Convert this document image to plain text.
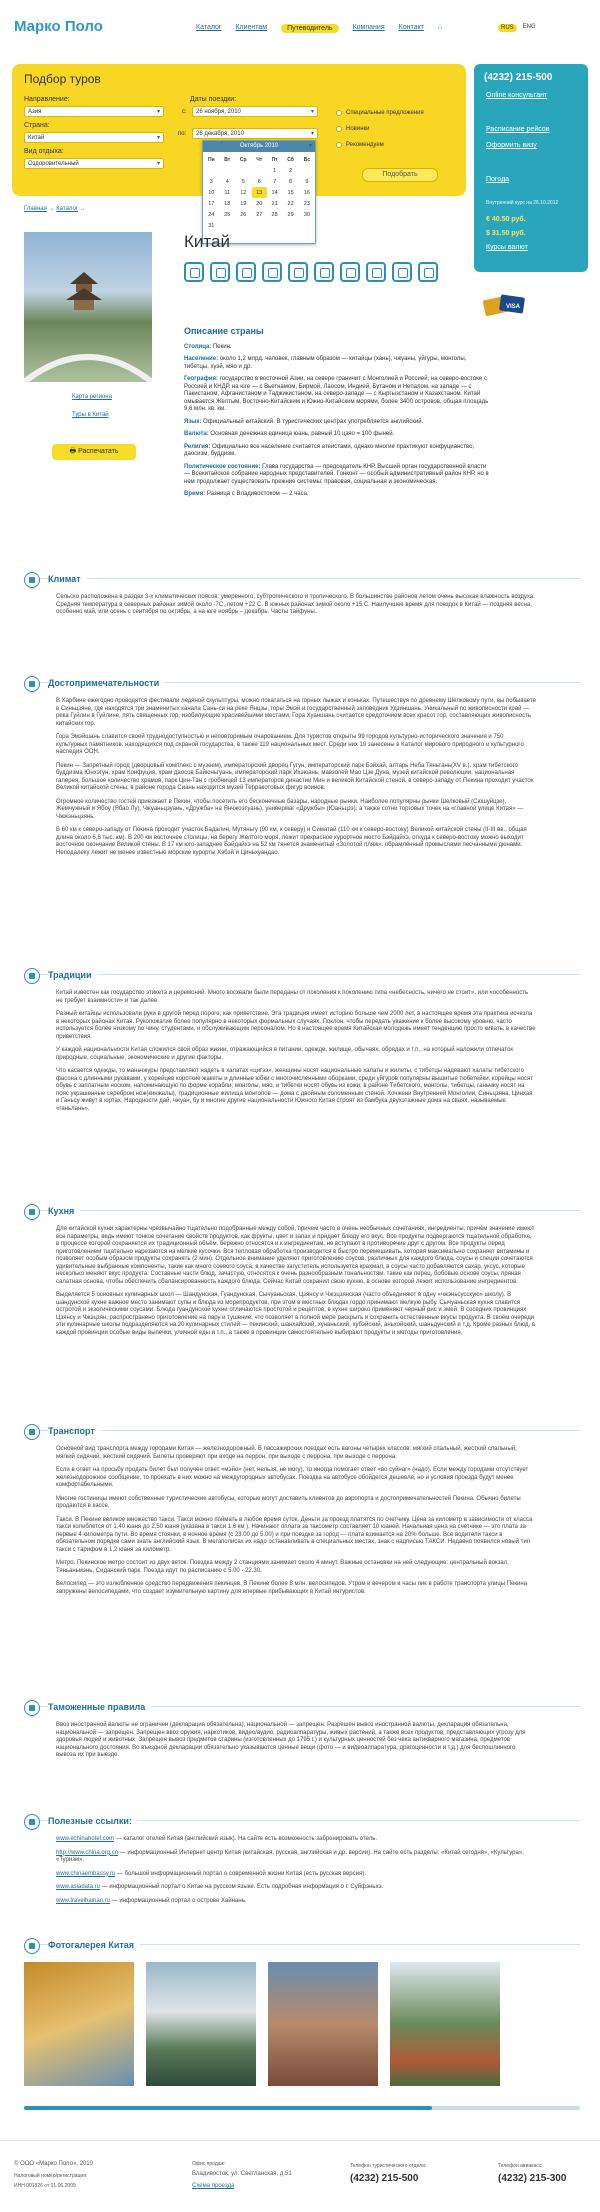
Марко Поло	Каталог Клиентам	Путеводитель	Компания Контакт ⌂	RUS	ENG
Подбор туров
Направление:
Азия ▾
Страна:
Китай ▾
Вид отдыха:
Оздоровительный ▾
Даты поездки:
с:	26 ноября, 2010 ▾
по:	26 декабря, 2010 ▾
Специальные предложения
Новинки
Рекомендуем
Подобрать
Октябрь 2010
Пн	Вт	Ср	Чт	Пт	Сб	Вс
				1	2	
3	4	5	6	7	8	9
10	11	12	13 ▾	14	15	16
17	18	19	20	21	22	23
24	25	26	27	28	29	30
31						
(4232) 215-500
Online консультант
Расписание рейсов
Оформить визу
Погода
Внутренний курс на 26.10.2012
€ 40.50 руб.
$ 31.50 руб.
Курсы валют
VISA
Главная → Каталог →
Карта региона
Туры в Китай
🖶 Распечатать
Китай

Описание страны

Столица: Пекин.

Население: около 1,2 млрд. человек, главным образом — китайцы (хань), чжуаны, уйгуры, монголы, тибетцы, хуэй, мяо и др.

География: государство в восточной Азии, на севере граничит с Монголией и Россией, на северо-востоке с Россией и КНДР, на юге — с Вьетнамом, Бирмой, Лаосом, Индией, Бутаном и Непалом, на западе — с Пакистаном, Афганистаном и Таджикистаном, на северо-западе — с Кыргызстаном и Казахстаном. Китай омывается Желтым, Восточно-Китайским и Южно-Китайским морями, более 3400 островов, общая площадь 9,6 млн. кв. км.

Язык: Официальный китайский. В туристических центрах употребляется английский.

Валюта: Основная денежная единица юань, равный 10 цзяо = 100 фыней.

Религия: Официально все население считается атеистами, однако многие практикуют конфуцианство, даосизм, буддизм.

Политическое состояние: Глава государства — председатель КНР. Высший орган государственной власти — Всекитайское собрание народных представителей. Гонконг — особый административный район КНР, но в нем продолжает существовать прежние системы: правовая, социальная и экономическая.

Время: Разница с Владивостоком — 2 часа.

Климат

Сельско расположена в раздах 3-х климатических поясов: умеренного, субтропического и тропического. В большинстве районов летом очень высокая влажность воздуха. Средняя температура в северных районах зимой около -7С, летом +22 С. В южных районах зимой около +15 С. Наилучшее время для поездок в Китай — поздняя весна, особенно май, или осень с сентября по октябрь, а на юге ноябрь – декабрь. Часты тайфуны.

Достопримечательности

В Харбине ежегодно проводятся фестивали ледяной скульптуры, можно покататься на горных лыжах и коньках. Путешествуя по древнему Шелковому пути, вы побываете в Синьцзяне, где находятся три знаменитых канала Сань-си на реке Янцзы, горы Эмэй и государственный заповедник Удзиншань. Уникальный по живописности край — река Гуйлин в Гуйлине, пять священных гор, изобилующие красивейшими местами. Гора Хуаншань считается средоточием всех красот гор, составляющих живописность китайских гор.

Гора Эмэйшань славится своей труднодоступностью и неповторимым очарованием. Для туристов открыты 99 городов культурно-исторического значения и 750 культурных памятников, находящихся под охраной государства, в также 119 национальных мест. Среди них 19 занесены в Каталог мирового природного и культурного наследия ООН.

Пекин — Запретный город (дворцовый комплекс с музеем), императорский дворец Гугун, императорский парк Бэйхай, алтарь Неба Тяньтань(XV в.), храм тибетского буддизма Юнхэгун, храм Конфуция, храм даосов Байюньгуань, императорский парк Ихэюань, мавзолей Мао Цзе Дуна, музей китайской революции, национальная галерея, большое количество храмов, парк Цин-Тан с гробницей 13 императоров династии Мин и великой Китайской стеной, в северо-западу от Пекина проходит участок Великой китайской стены, в районе города Сиань находится музей Терракотовых фигур воинов.

Огромное количество гостей приезжает в Пекин, чтобы посетить его бесконечные базары, народные рынки. Наиболее популярны рынки Шелковый (Сюшуйцзе), Жемчужный и Ябоу (Ябао Лу), Чжуаньцзуань, «Дружба» на Янчжоэтуань), универмаг «Дружбы» (Юаньцзэ), а также сотни торговых точек на «главной улице Китая» — Чжжэньцзянь.

В 60 км к северо-западу от Пекина проходит участок Бадалин, Мутяньгу (90 км, к северу) и Симатай (110 км к северо-востоку) Великой китайской стены (II-III вв., общая длина около 6,8 тыс. км). В 200 км восточнее столицы, на берегу Желтого моря, лежит прекрасное курортное место Бэйдайхэ, откуда к северо-востоку можно выходит восточное окончание Великой стены. В 17 км юго-западнее Бэйдайхэ на 52 км тянется знаменитый «Золотой пляж», обрамлённый промыслами песчанными дюнами. Неподалеку лежит не менее известные морские курорты Хэбэй и Циньхуандао.

Традиции

Китай известен как государство этикета и церемоний. Много восхвали были переданы от поколения к поколению типа «небесность, ничего не стоит», или «особенность не требует взаимности» и так далее.

Разный китайцы использовали руки в другой перед пороге, как приветствие. Эта традиция имеет историю больше чем 2000 лет, в настоящее время эта практика исчезла в некоторых районах Китая. Рукопожатие более популярно в некоторых формальных случаях. Поклон, чтобы передать уважение к более высокому уровню, часто используется более низкому по чину, студентами, и обслуживающим персоналом. Но в настоящее время Китайская молодежь имеет тенденцию просто кивать, в качестве приветствия.

У каждой национальности Китая сложился свой образ жизни, отражающийся в питании, одежде, жилище, обычаях, обрядах и т.п., на который наложили отпечаток природные, социальные, экономические и другие факторы.

Что касается одежды, то маньчжуры представляют надеть в халатах «цигээ», женщины носят национальные халаты и жилеты, с тибетцы надевают халаты тибетского фасона с длинными рукавами, у корейцев короткие жакеты и длинные юбки с многочисленными оборками, среди уйгуров популярны вышитые тюбетейки, корейцы носят обувь с заплатным носком, напоминающую по форме корабли; монголы, мяо, и тибетки носят обувь из кожи; в районе Тибетского, монголы, тибетцы, ганьчжу носят на пояс украшенные серебром нож(кинжалы), традиционные жилища монголов — дома с двойным соломенным стеной. Хочжени Внутренней Монголии, Синьцзяна, Цинхая и Ганьсу живут в юртах. Народности дай, чжуан, бу и многие другие национальности Южного Китая строят из бамбука двухэтажные дома на сваях, называемые «ганьлань».

Кухня

Для китайской кухни характерны чрезвычайно тщательно подобранные между собой, причем часто в очень необычных сочетаниях, ингредиенты, причём значение имеют все параметры, ведь имеют тонкое сочетание свойств продуктов, как фрукты, цвет и запах и придает блюду его вкус. Все продукты подвергаются тщательной обработке, в процессе которой сохраняется их традиционный объём, бережно относятся и к ингредиентам, не вступают в противоречие друг с другом. Все продукты перед приготовлением тщательно нарезаются на мелкие кусочки. Вся тепловая обработка производится в быстро перемешивать, которая максимально сохраняет витамины и позволяет особым образом продукты сохранять (2 мин). Отдельное внимание уделяют приготовлению соусов, различных для каждого блюда, соусы и специи сочетаются удивительные выбранные компоненты, такие как много соевого соуса, в качестве загуститель используется крахмал, в соусы часто добавляются сахар, уксус, которые несколько меняют вкус продукта. Составные части блюд, зачастую, относятся к очень разнообразным тональностям, такие как перец, бобовые основе соусы, пряная салатная основа, чтобы обеспечить сбалансированность каждого блюда. Сейчас Китай сохранил свою кухню, в основе которой лежит использование ингредиентов.

Выделяется 5 основных кулинарных школ — Шандунская, Гуандунская, Сычуаньская, Цзянсу и Чжэцзянская (часто объединяют в одну «чжэньсусскую» школу). В шандунской кухне важное место занимают супы и блюда из морепродуктов, при этом в местных блюдах гордо принимают мелкую рыбу. Сычуаньская кухня славится остротой и экзотическими соусами. Блюда гуандунской кухни отличаются простотой и рецептов, в кухне широко применяют черный рис и змей. В соседних провинциях Цзянсу и Чжэцзян, распространено приготовление на пару и тушение, что позволяет в полной мере раскрыть и сохранить естественные вкусы продукта. В своём очереди эти кулинарные школы подразделяются на 20 кулинарных стилей — пекинский, шанхайский, хунаньский, хубэйский, аньхойский, шаньдунский и т.д. Кроме разных блюд, в каждой провинции особые виды выпечки, уличной еды и т.п., а также в провинции самостоятельно выбирают продукты и методы приготовления.

Транспорт

Основной вид транспорта между городами Китая — железнодорожный. В пассажирских поездах есть вагоны четырех классов: мягкий спальный, жесткий спальный, мягкий сидячий, жесткий сидячий. Билеты проверяют при входе на перрон, при выходе с перрона, при выходе с перрона.

Если в ответ на просьбу продать билет был получен ответ «мэйо» (нет, нельзя, не могу), то иногда помогает ответ «во суйнаг» (надо). Если между городами отсутствует железнодорожное сообщение, то проехать в них можно на междугородных автобусах. Поездка на автобусе обойдется дешевле, но и условия проезда будут менее комфортабельными.

Многие гостиницы имеют собственные туристические автобусы, которые могут доставить клиентов до аэропорта и достопримечательностей Пекина. Обычно билеты продаются в кассе.

Такси. В Пекине великое множество такси. Такси можно поймать в любое время суток. Деньги за проезд платятся по счетчику. Цена за километр в зависимости от класса такси колеблется от 1,40 юаня до 2,50 юаня (указана в такси 1,6 км ). Начинают оплата за таксометр составляет 10 юаней. Начальная цена на счетчике — это плата за первые 4 километра пути. Во время стоянки, в ночное время (с 23.00 до 5.00) и при поездке за город — плата взимается на 20% больше. Все водители такси в обязательном порядке сами знать английский язык. В мегаполисах их надо останавливать в специальных местах, знак с надписью ТАКСИ. Недавно появился новый тип такси с тарифом в 1,2 юаня за километр.

Метро. Пекинское метро состоит из двух веток. Поездка между 2 станциями занимает около 4 минут. Важные остановки на ней следующие: центральный вокзал, Тяньаньмэнь, Сиданский парк. Поезда идут по расписанию с 5.00 - 22.30.

Велосипед — это излюбленное средство передвижения пекинцев. В Пекине более 8 млн. велосипедов. Утром и вечером в часы пик в работе транспорта улицы Пекина запружены велосипедами, что создает изумительную картину для впервые прибывающих в Китай интуристов.

Таможенные правила

Ввоз иностранной валюты не ограничен (декларация обязательна), национальной — запрещен. Разрешен вывоз иностранной валюты, декларация обязательна, национальной — запрещен. Запрещен ввоз оружия, наркотиков, видео/аудио, радиоаппаратуры, живых растений, а также всех продуктов, представляющих угрозу для здоровья людей и животных. Запрещен вывоз предметов старины (изготовленных до 1795 г.) и культурных ценностей без чека антикварного магазина, предметов национального достояния. Во въездной декларации обязательно указываются ценные вещи (фото — и видеоаппаратура, драгоценности и т.д.) для беспошлинного вывоза их при выезде.

Полезные ссылки:

www.echinahotel.com — каталог отелей Китая (английский язык). На сайте есть возможность забронировать отель.

http://www.china.org.cn — информационный Интернет центр Китая (китайская, русская, английская и др. версии). На сайте есть разделы: «Китай сегодня», «Культура», «Туризм».

www.chinaembassy.ru — большой информационный портал о современной жизни Китая (есть русская версия).

www.asiadata.ru — информационный портал о Китае на русском языке. Есть подробная информация о г. Суйфэньхэ.

www.travelhainan.ru — информационный портал о острове Хайнань.

Фотогалерея Китая
© ООО «Марко Поло», 2010
Налоговый номер/регистрация:
ИНН 001826 от 01.06.2009
Офис продаж:
Владивосток, ул. Светланская, д.51
Схема проезда
Телефон туристического отдела:
(4232) 215-500
Телефон авиакасс:
(4232) 215-300
